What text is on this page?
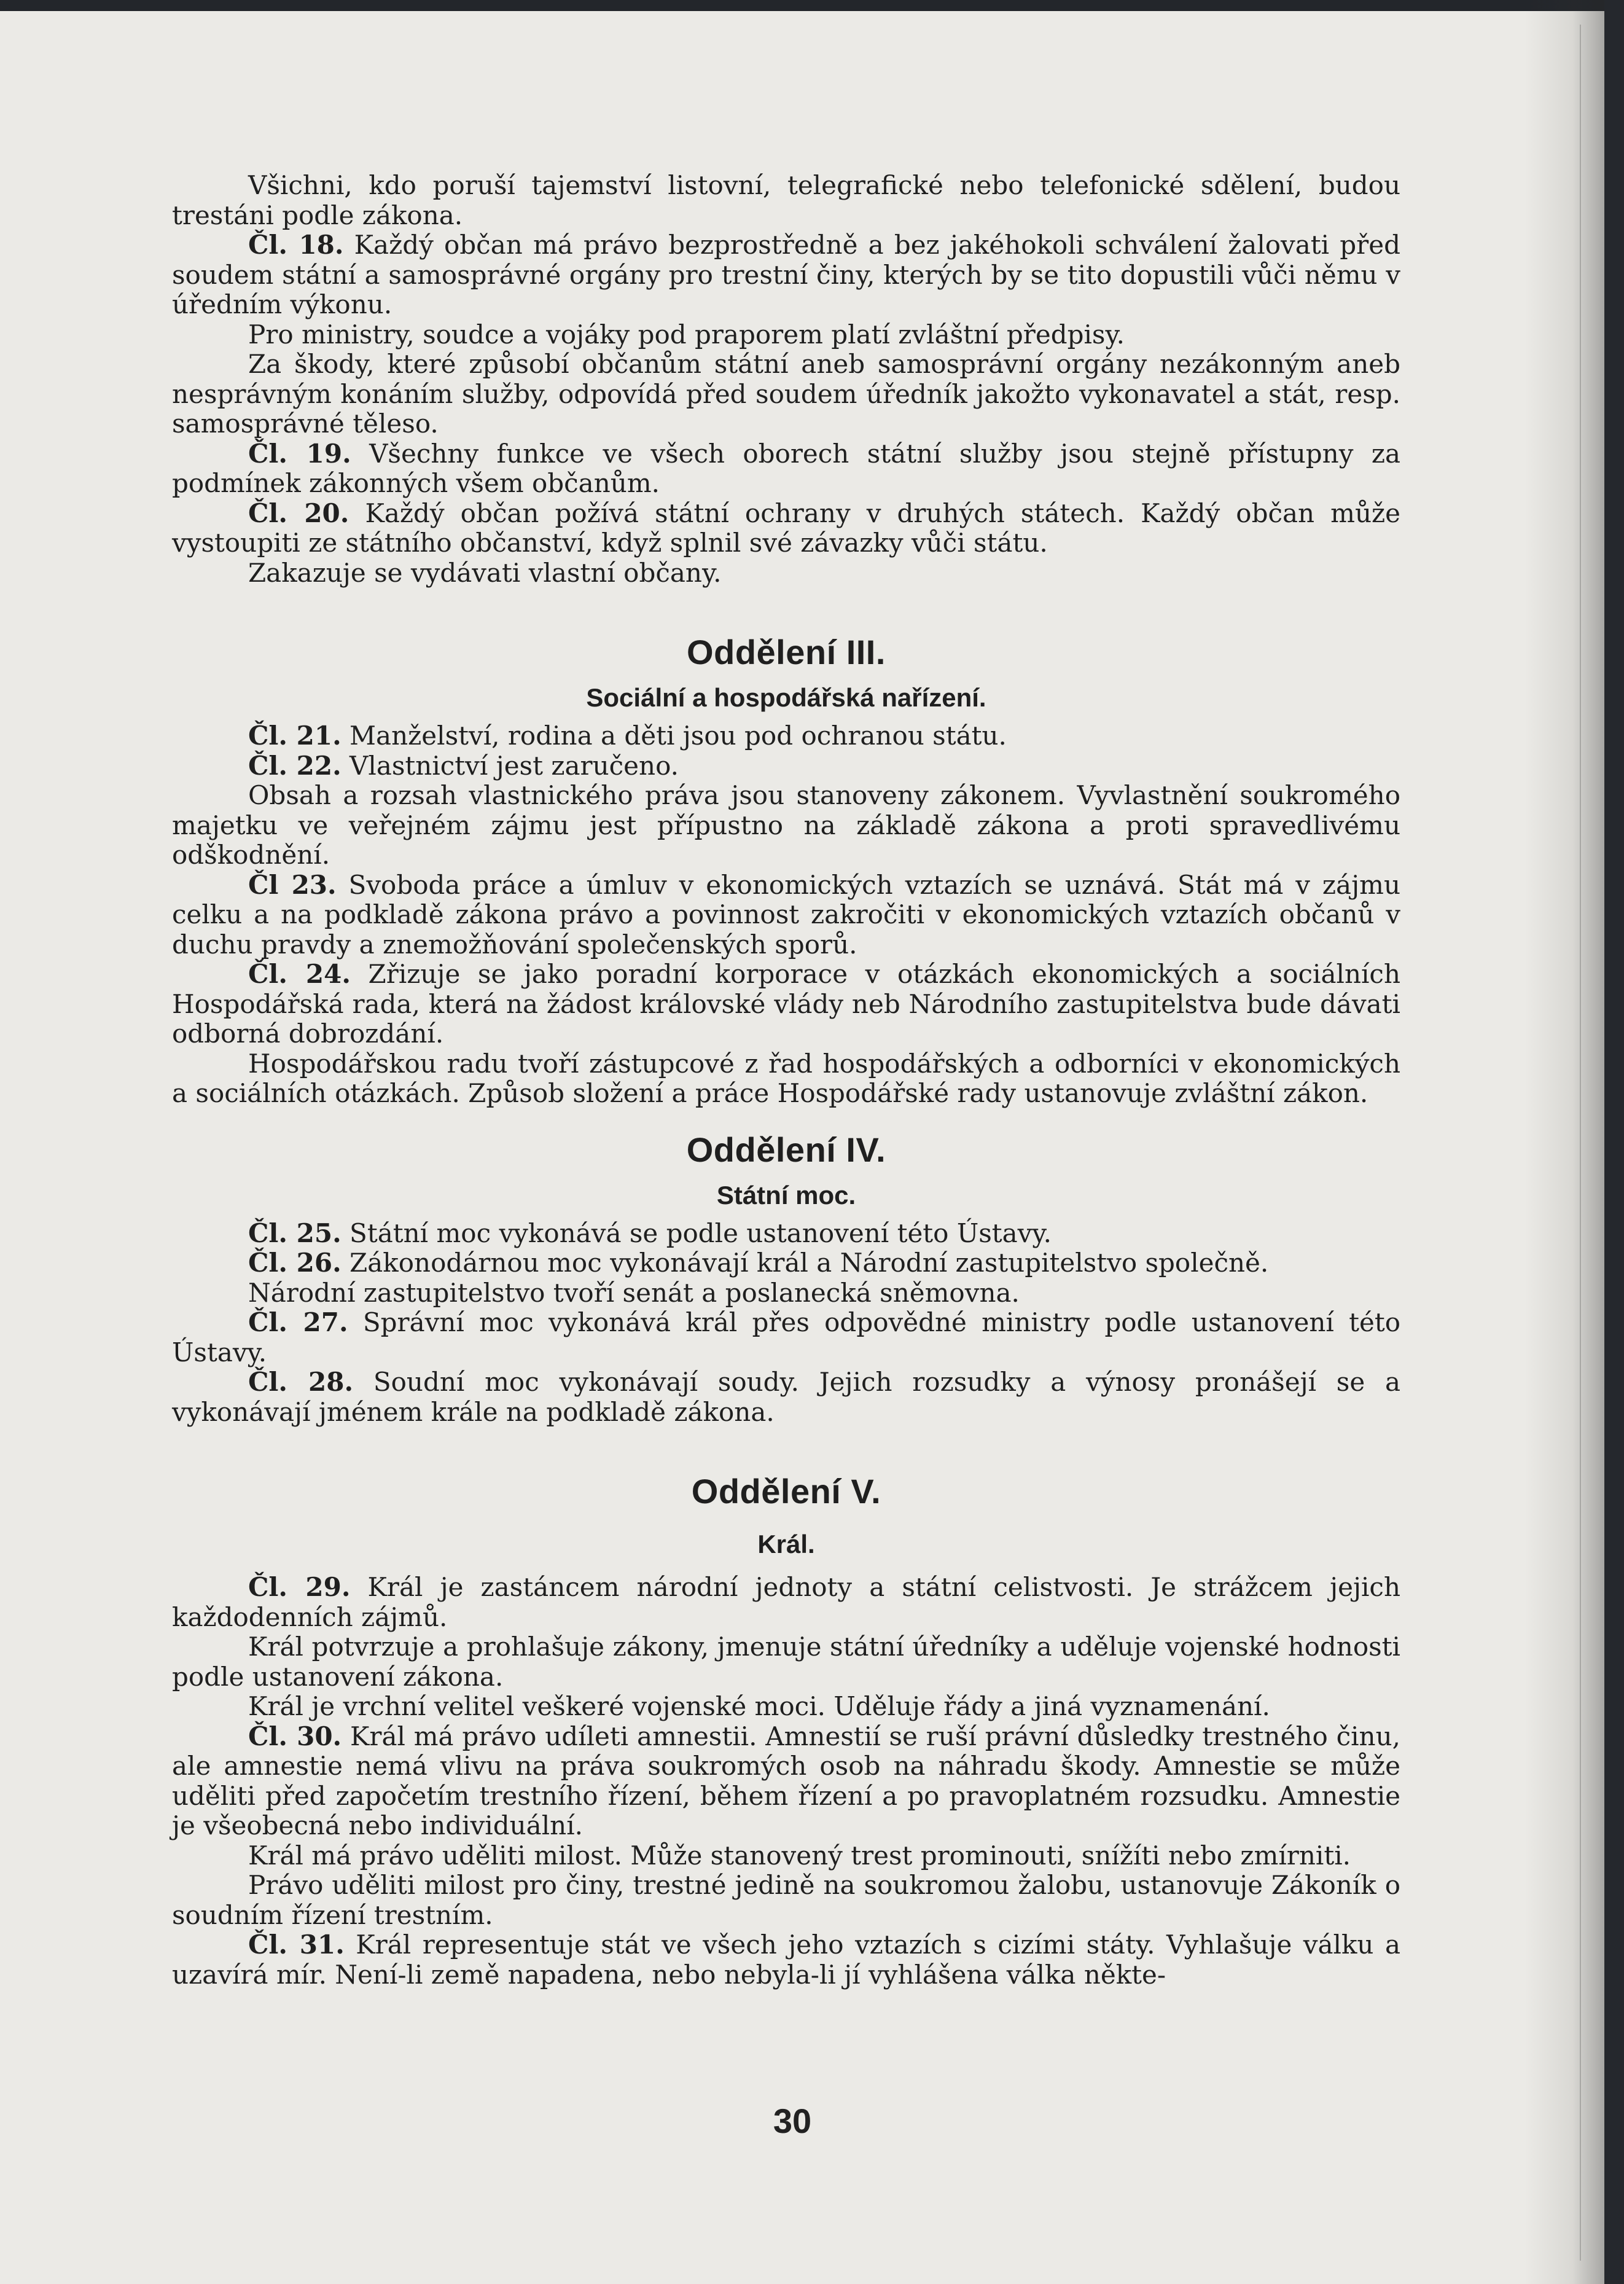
Všichni, kdo poruší tajemství listovní, telegrafické nebo telefonické sdělení, budou trestáni podle zákona.

Čl. 18. Každý občan má právo bezprostředně a bez jakéhokoli schválení žalovati před soudem státní a samosprávné orgány pro trestní činy, kterých by se tito dopustili vůči němu v úředním výkonu.

Pro ministry, soudce a vojáky pod praporem platí zvláštní předpisy.

Za škody, které způsobí občanům státní aneb samosprávní orgány nezákonným aneb nesprávným konáním služby, odpovídá před soudem úředník jakožto vykonavatel a stát, resp. samosprávné těleso.

Čl. 19. Všechny funkce ve všech oborech státní služby jsou stejně přístupny za podmínek zákonných všem občanům.

Čl. 20. Každý občan požívá státní ochrany v druhých státech. Každý občan může vystoupiti ze státního občanství, když splnil své závazky vůči státu.

Zakazuje se vydávati vlastní občany.

Oddělení III.
Sociální a hospodářská nařízení.

Čl. 21. Manželství, rodina a děti jsou pod ochranou státu.

Čl. 22. Vlastnictví jest zaručeno.

Obsah a rozsah vlastnického práva jsou stanoveny zákonem. Vyvlastnění soukromého majetku ve veřejném zájmu jest přípustno na základě zákona a proti spravedlivému odškodnění.

Čl 23. Svoboda práce a úmluv v ekonomických vztazích se uznává. Stát má v zájmu celku a na podkladě zákona právo a povinnost zakročiti v ekonomických vztazích občanů v duchu pravdy a znemožňování společenských sporů.

Čl. 24. Zřizuje se jako poradní korporace v otázkách ekonomických a sociálních Hospodářská rada, která na žádost královské vlády neb Národního zastupitelstva bude dávati odborná dobrozdání.

Hospodářskou radu tvoří zástupcové z řad hospodářských a odborníci v ekonomických a sociálních otázkách. Způsob složení a práce Hospodářské rady ustanovuje zvláštní zákon.

Oddělení IV.
Státní moc.

Čl. 25. Státní moc vykonává se podle ustanovení této Ústavy.

Čl. 26. Zákonodárnou moc vykonávají král a Národní zastupitelstvo společně.

Národní zastupitelstvo tvoří senát a poslanecká sněmovna.

Čl. 27. Správní moc vykonává král přes odpovědné ministry podle ustanovení této Ústavy.

Čl. 28. Soudní moc vykonávají soudy. Jejich rozsudky a výnosy pronášejí se a vykonávají jménem krále na podkladě zákona.

Oddělení V.
Král.

Čl. 29. Král je zastáncem národní jednoty a státní celistvosti. Je strážcem jejich každodenních zájmů.

Král potvrzuje a prohlašuje zákony, jmenuje státní úředníky a uděluje vojenské hodnosti podle ustanovení zákona.

Král je vrchní velitel veškeré vojenské moci. Uděluje řády a jiná vyznamenání.

Čl. 30. Král má právo udíleti amnestii. Amnestií se ruší právní důsledky trestného činu, ale amnestie nemá vlivu na práva soukromých osob na náhradu škody. Amnestie se může uděliti před započetím trestního řízení, během řízení a po pravoplatném rozsudku. Amnestie je všeobecná nebo individuální.

Král má právo uděliti milost. Může stanovený trest prominouti, snížíti nebo zmírniti.

Právo uděliti milost pro činy, trestné jedině na soukromou žalobu, ustanovuje Zákoník o soudním řízení trestním.

Čl. 31. Král representuje stát ve všech jeho vztazích s cizími státy. Vyhlašuje válku a uzavírá mír. Není-li země napadena, nebo nebyla-li jí vyhlášena válka někte-

30
